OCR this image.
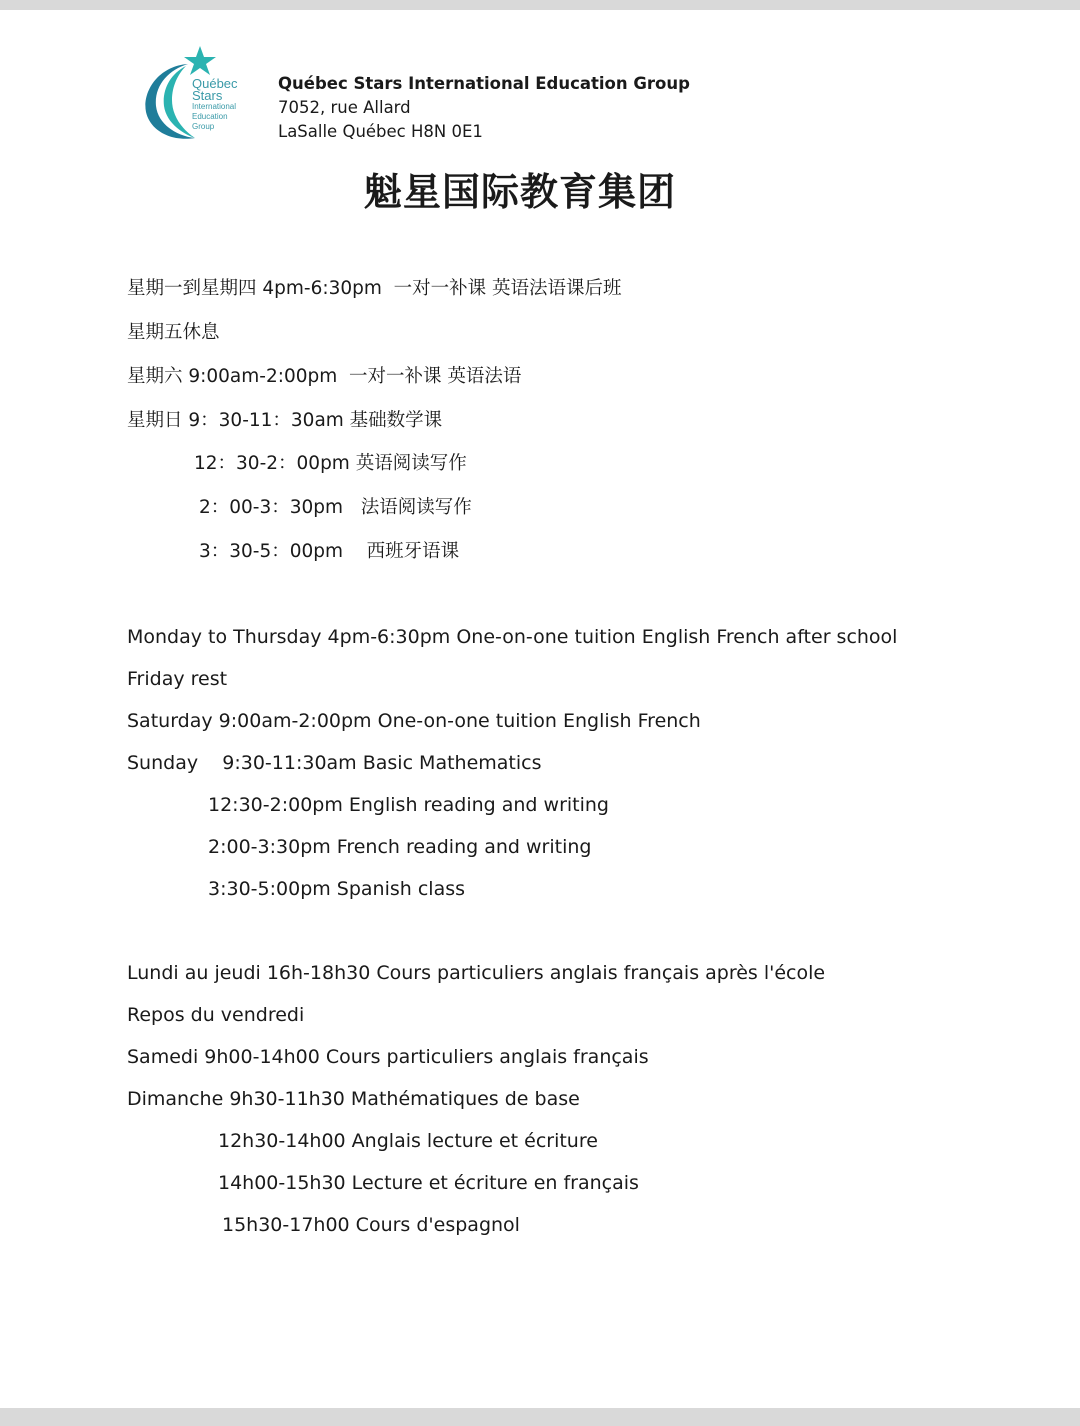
Québec
Stars
International
Education
Group
Québec Stars International Education Group
7052, rue Allard
LaSalle Québec H8N 0E1
魁星国际教育集团
星期一到星期四 4pm-6:30pm  一对一补课 英语法语课后班
星期五休息
星期六 9:00am-2:00pm  一对一补课 英语法语
星期日 9：30-11：30am 基础数学课
12：30-2：00pm 英语阅读写作
2：00-3：30pm   法语阅读写作
3：30-5：00pm    西班牙语课
Monday to Thursday 4pm-6:30pm One-on-one tuition English French after school
Friday rest
Saturday 9:00am-2:00pm One-on-one tuition English French
Sunday    9:30-11:30am Basic Mathematics
12:30-2:00pm English reading and writing
2:00-3:30pm French reading and writing
3:30-5:00pm Spanish class
Lundi au jeudi 16h-18h30 Cours particuliers anglais français après l'école
Repos du vendredi
Samedi 9h00-14h00 Cours particuliers anglais français
Dimanche 9h30-11h30 Mathématiques de base
12h30-14h00 Anglais lecture et écriture
14h00-15h30 Lecture et écriture en français
15h30-17h00 Cours d'espagnol
